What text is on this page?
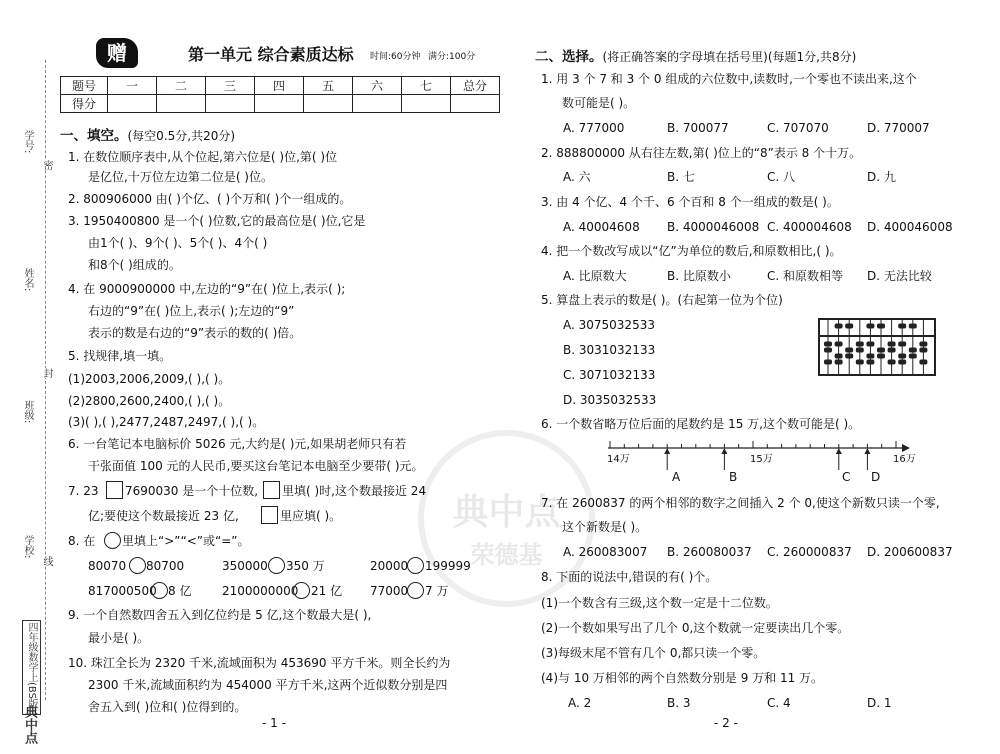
学号:
姓名:
班级:
学校:
密
封
线
四年级数学上(BS版)
典中点
典中点
荣德基
赠	第一单元 综合素质达标 时间:60分钟 满分:100分
题号	一	二	三	四	五	六	七	总分
得分								
一、填空。(每空0.5分,共20分)
1. 在数位顺序表中,从个位起,第六位是( )位,第( )位
是亿位,十万位左边第二位是( )位。
2. 800906000 由( )个亿、( )个万和( )个一组成的。
3. 1950400800 是一个( )位数,它的最高位是( )位,它是
由1个( )、9个( )、5个( )、4个( )
和8个( )组成的。
4. 在 9000900000 中,左边的“9”在( )位上,表示( );
右边的“9”在( )位上,表示( );左边的“9”
表示的数是右边的“9”表示的数的( )倍。
5. 找规律,填一填。
(1)2003,2006,2009,( ),( )。
(2)2800,2600,2400,( ),( )。
(3)( ),( ),2477,2487,2497,( ),( )。
6. 一台笔记本电脑标价 5026 元,大约是( )元,如果胡老师只有若
干张面值 100 元的人民币,要买这台笔记本电脑至少要带( )元。
7. 23 7690030 是一个十位数, 里填( )时,这个数最接近 24
亿;要使这个数最接近 23 亿,	里应填( )。
8. 在 里填上“>”“<”或“=”。
80070 80700	350000 350 万	20000 199999
817000500 8 亿	2100000000 21 亿 77000 7 万
9. 一个自然数四舍五入到亿位约是 5 亿,这个数最大是( ),
最小是( )。
10. 珠江全长为 2320 千米,流域面积为 453690 平方千米。则全长约为
2300 千米,流域面积约为 454000 平方千米,这两个近似数分别是四
舍五入到( )位和( )位得到的。
- 1 -
二、选择。(将正确答案的字母填在括号里)(每题1分,共8分)
1. 用 3 个 7 和 3 个 0 组成的六位数中,读数时,一个零也不读出来,这个
数可能是( )。
A. 777000	B. 700077	C. 707070	D. 770007
2. 888800000 从右往左数,第( )位上的“8”表示 8 个十万。
A. 六	B. 七	C. 八	D. 九
3. 由 4 个亿、4 个千、6 个百和 8 个一组成的数是( )。
A. 40004608 B. 4000046008 C. 400004608 D. 400046008
4. 把一个数改写成以“亿”为单位的数后,和原数相比,( )。
A. 比原数大	B. 比原数小	C. 和原数相等 D. 无法比较
5. 算盘上表示的数是( )。(右起第一位为个位)
A. 3075032533
B. 3031032133
C. 3071032133
D. 3035032533
6. 一个数省略万位后面的尾数约是 15 万,这个数可能是( )。
14万	15万	16万
A	B	C D
7. 在 2600837 的两个相邻的数字之间插入 2 个 0,使这个新数只读一个零,
这个新数是( )。
A. 260083007 B. 260080037 C. 260000837 D. 200600837
8. 下面的说法中,错误的有( )个。
(1)一个数含有三级,这个数一定是十二位数。
(2)一个数如果写出了几个 0,这个数就一定要读出几个零。
(3)每级末尾不管有几个 0,都只读一个零。
(4)与 10 万相邻的两个自然数分别是 9 万和 11 万。
A. 2	B. 3	C. 4	D. 1
- 2 -
